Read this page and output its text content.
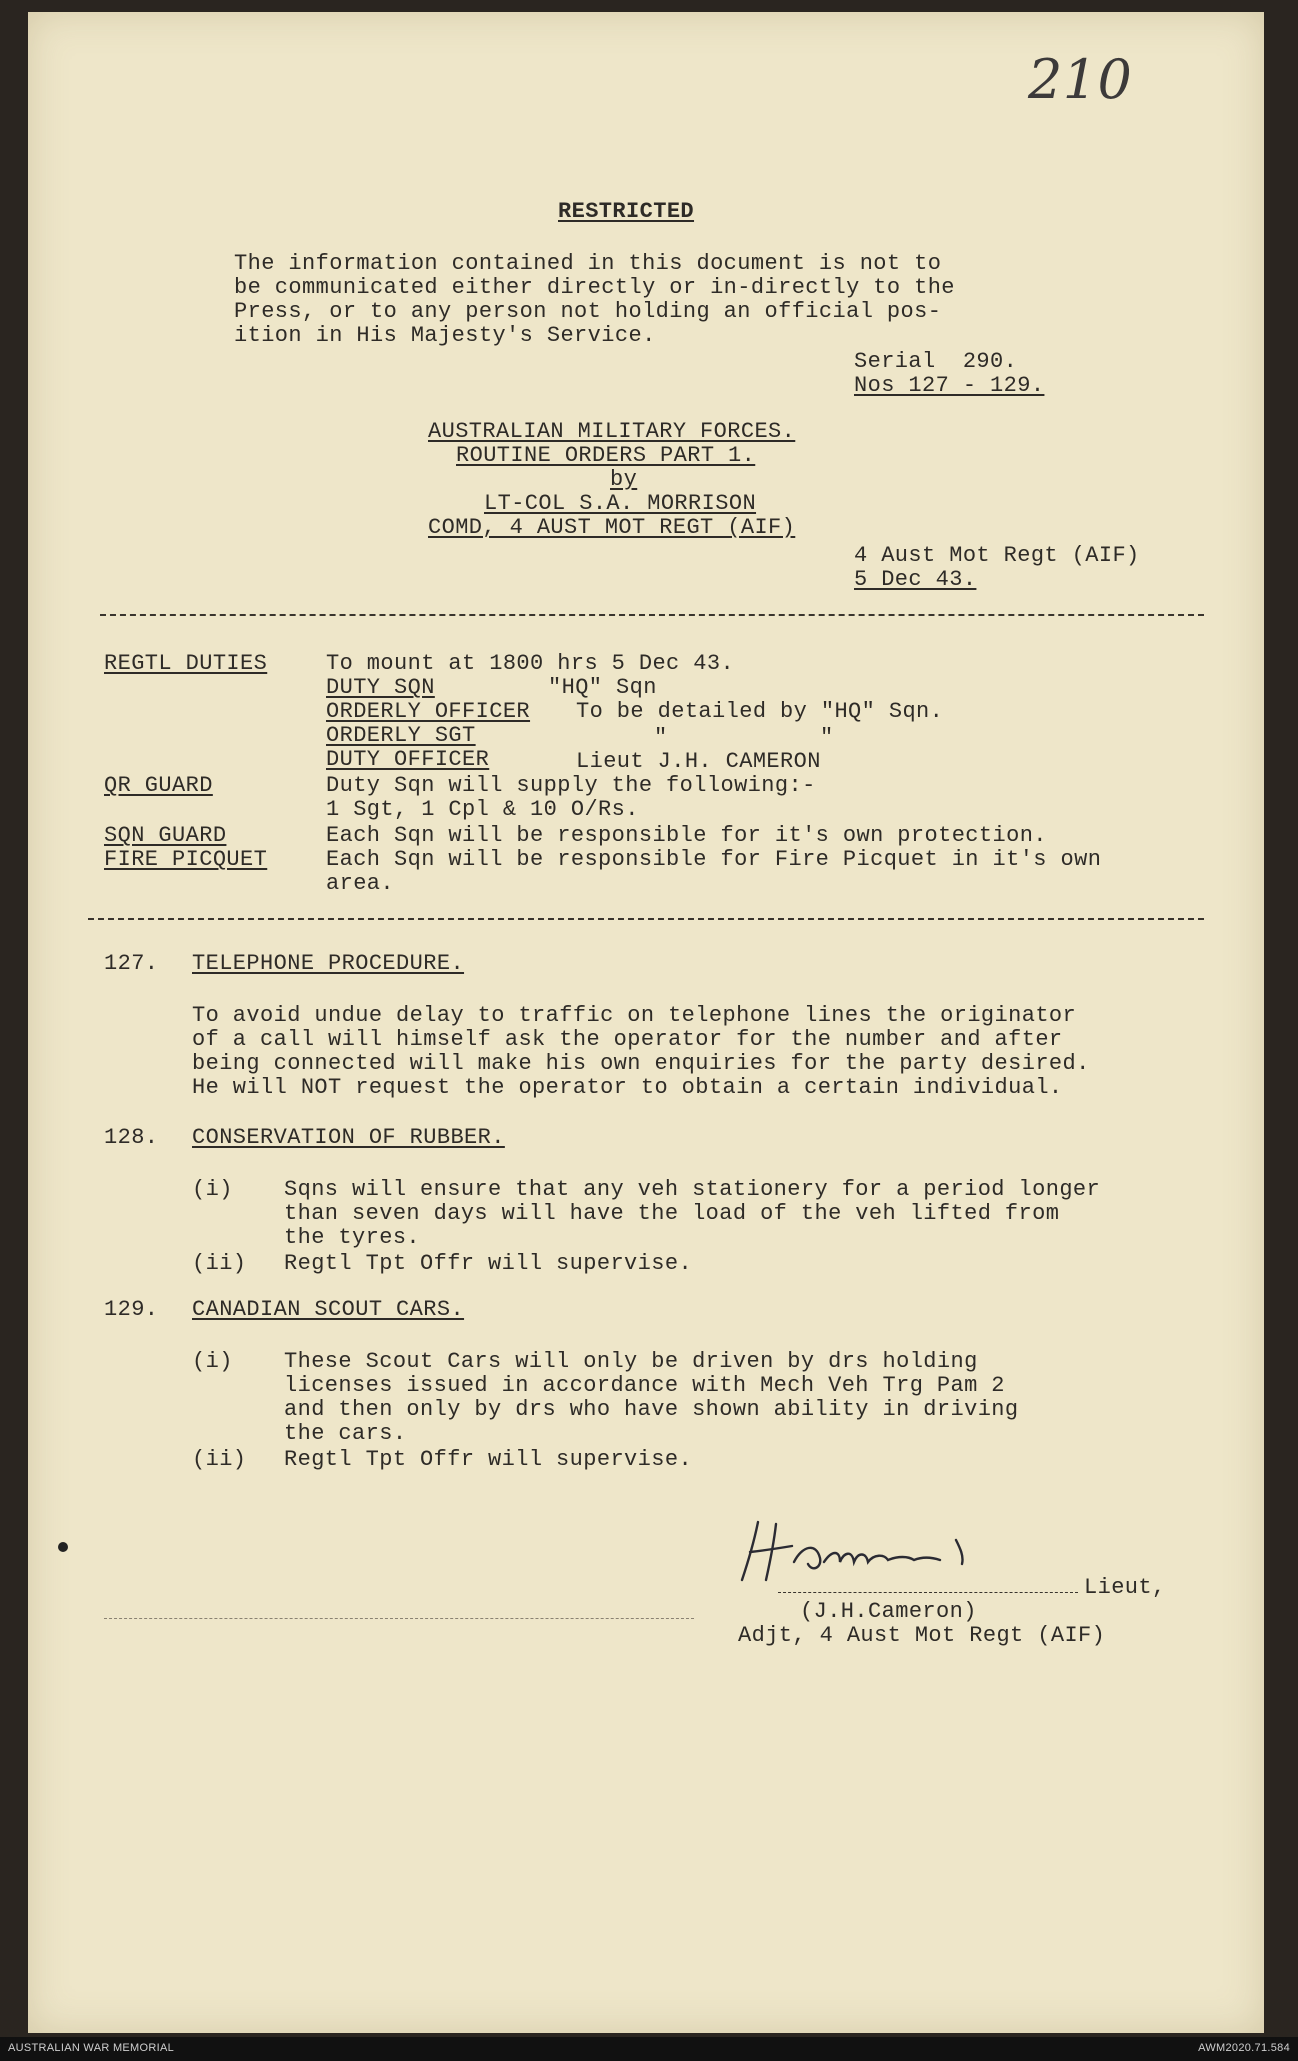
210
RESTRICTED
The information contained in this document is not to
be communicated either directly or in-directly to the
Press, or to any person not holding an official pos-
ition in His Majesty's Service.
Serial  290.
Nos 127 - 129.
AUSTRALIAN MILITARY FORCES.
ROUTINE ORDERS PART 1.
by
LT-COL S.A. MORRISON
COMD, 4 AUST MOT REGT (AIF)
4 Aust Mot Regt (AIF)
5 Dec 43.
REGTL DUTIES	To mount at 1800 hrs 5 Dec 43.
DUTY SQN	"HQ" Sqn
ORDERLY OFFICER To be detailed by "HQ" Sqn.
ORDERLY SGT	"	"
DUTY OFFICER	Lieut J.H. CAMERON
QR GUARD	Duty Sqn will supply the following:-
1 Sgt, 1 Cpl & 10 O/Rs.
SQN GUARD	Each Sqn will be responsible for it's own protection.
FIRE PICQUET	Each Sqn will be responsible for Fire Picquet in it's own
area.
127. TELEPHONE PROCEDURE.
To avoid undue delay to traffic on telephone lines the originator
of a call will himself ask the operator for the number and after
being connected will make his own enquiries for the party desired.
He will NOT request the operator to obtain a certain individual.
128. CONSERVATION OF RUBBER.
(i) Sqns will ensure that any veh stationery for a period longer
than seven days will have the load of the veh lifted from
the tyres.
(ii) Regtl Tpt Offr will supervise.
129. CANADIAN SCOUT CARS.
(i) These Scout Cars will only be driven by drs holding
licenses issued in accordance with Mech Veh Trg Pam 2
and then only by drs who have shown ability in driving
the cars.
(ii) Regtl Tpt Offr will supervise.
Lieut,
(J.H.Cameron)
Adjt, 4 Aust Mot Regt (AIF)
AUSTRALIAN WAR MEMORIAL	AWM2020.71.584
